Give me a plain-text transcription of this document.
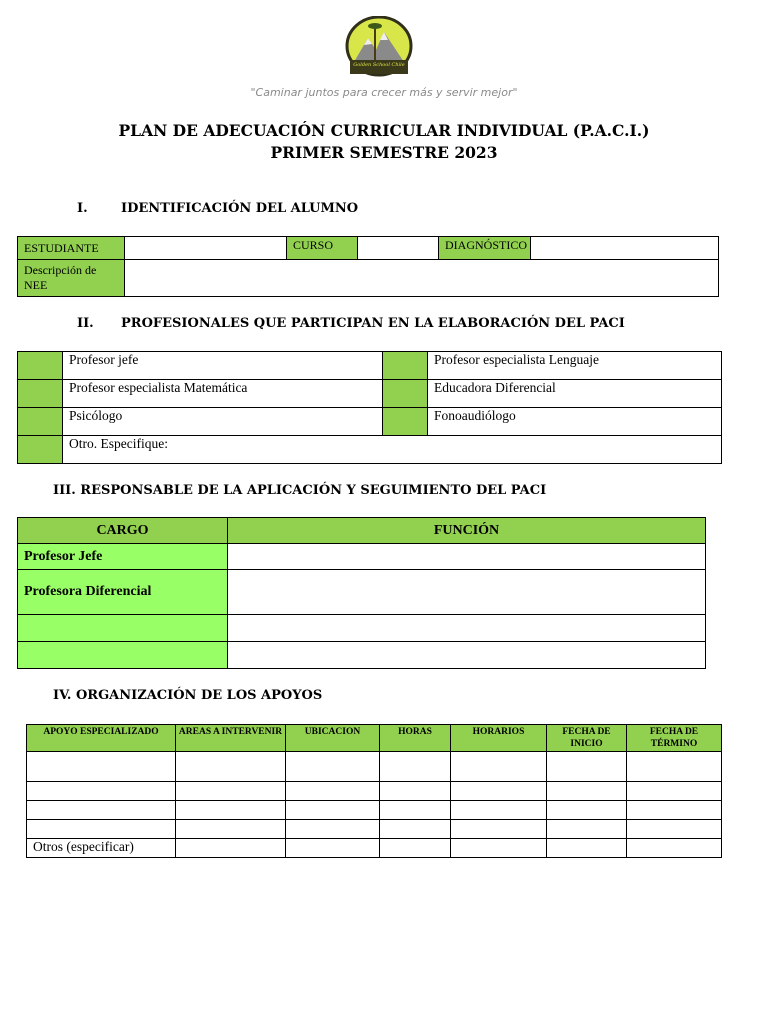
Golden School Chile
"Caminar juntos para crecer más y servir mejor"
PLAN DE ADECUACIÓN CURRICULAR INDIVIDUAL (P.A.C.I.)
PRIMER SEMESTRE 2023
I.	IDENTIFICACIÓN DEL ALUMNO
ESTUDIANTE		CURSO		DIAGNÓSTICO	
Descripción de NEE					
II. PROFESIONALES QUE PARTICIPAN EN LA ELABORACIÓN DEL PACI
	Profesor jefe		Profesor especialista Lenguaje
	Profesor especialista Matemática		Educadora Diferencial
	Psicólogo		Fonoaudiólogo
	Otro. Especifique:		
III. RESPONSABLE DE LA APLICACIÓN Y SEGUIMIENTO DEL PACI
CARGO	FUNCIÓN
Profesor Jefe	
Profesora Diferencial	

IV. ORGANIZACIÓN DE LOS APOYOS
APOYO ESPECIALIZADO	AREAS A INTERVENIR	UBICACION	HORAS	HORARIOS	FECHA DE INICIO	FECHA DE TÉRMINO

Otros (especificar)						
